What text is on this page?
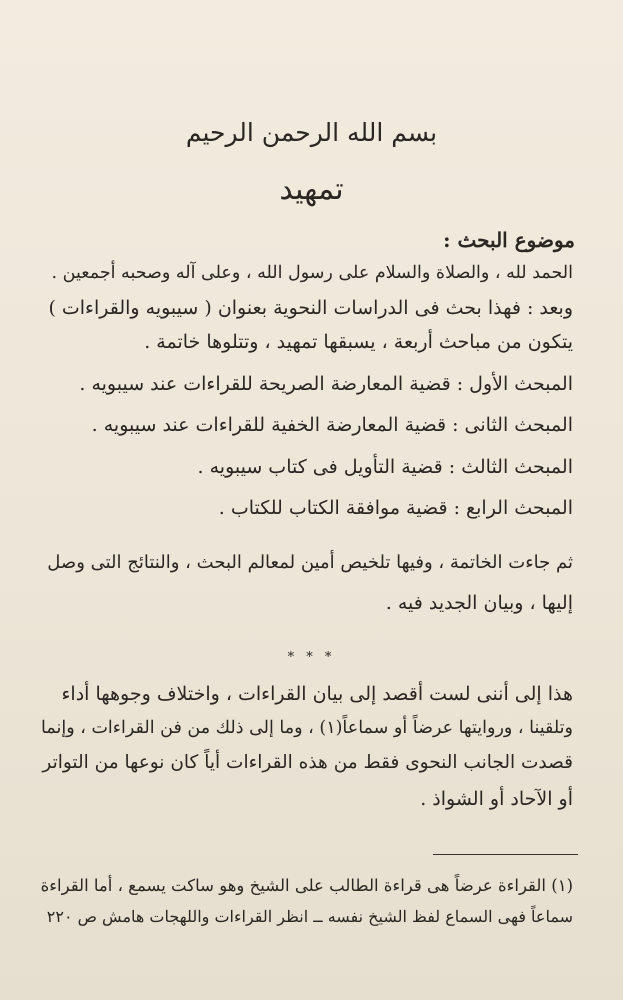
بسم الله الرحمن الرحيم
تمهيد
موضوع البحث :
الحمد لله ، والصلاة والسلام على رسول الله ، وعلى آله وصحبه أجمعين .
وبعد : فهذا بحث فى الدراسات النحوية بعنوان ( سيبويه والقراءات )
يتكون من مباحث أربعة ، يسبقها تمهيد ، وتتلوها خاتمة .
المبحث الأول : قضية المعارضة الصريحة للقراءات عند سيبويه .
المبحث الثانى : قضية المعارضة الخفية للقراءات عند سيبويه .
المبحث الثالث : قضية التأويل فى كتاب سيبويه .
المبحث الرابع : قضية موافقة الكتاب للكتاب .
ثم جاءت الخاتمة ، وفيها تلخيص أمين لمعالم البحث ، والنتائج التى وصل
إليها ، وبيان الجديد فيه .
* * *
هذا إلى أننى لست أقصد إلى بيان القراءات ، واختلاف وجوهها أداء
وتلقينا ، وروايتها عرضاً أو سماعاً(١) ، وما إلى ذلك من فن القراءات ، وإنما
قصدت الجانب النحوى فقط من هذه القراءات أياً كان نوعها من التواتر
أو الآحاد أو الشواذ .
(١) القراءة عرضاً هى قراءة الطالب على الشيخ وهو ساكت يسمع ، أما القراءة
سماعاً فهى السماع لفظ الشيخ نفسه ــ انظر القراءات واللهجات هامش ص ٢٢٠
